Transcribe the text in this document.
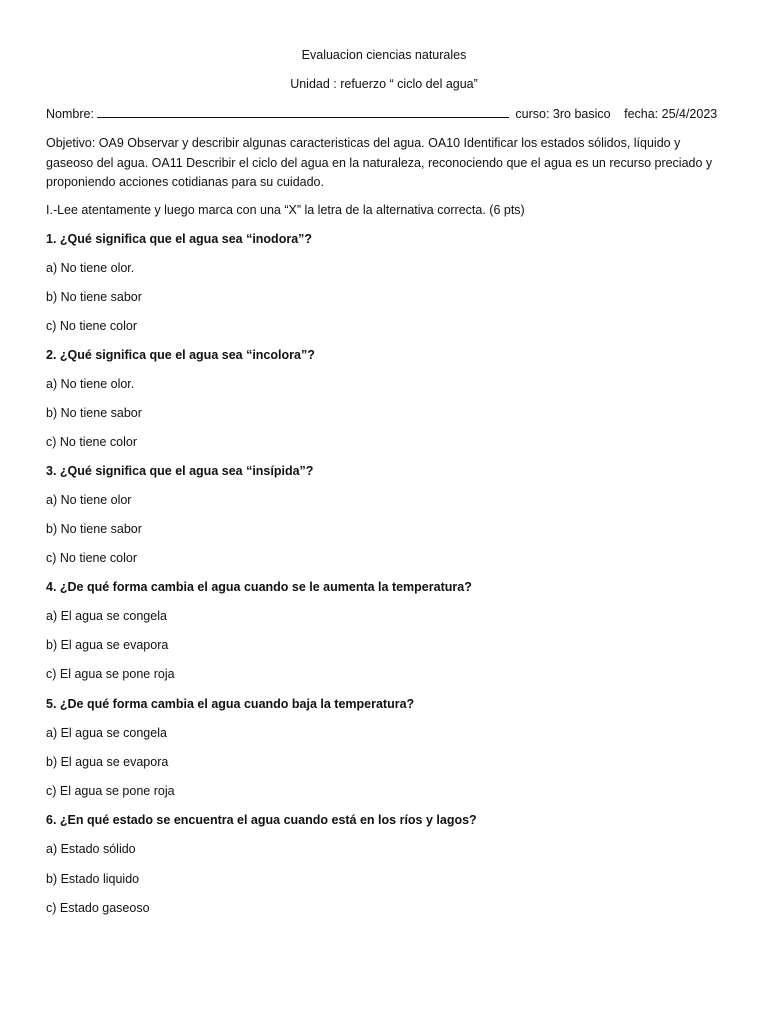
Evaluacion ciencias naturales
Unidad : refuerzo “ ciclo del agua”
Nombre:	curso: 3ro basico fecha: 25/4/2023
Objetivo: OA9 Observar y describir algunas caracteristicas del agua. OA10 Identificar los estados sólidos, líquido y gaseoso del agua. OA11 Describir el ciclo del agua en la naturaleza, reconociendo que el agua es un recurso preciado y proponiendo acciones cotidianas para su cuidado.
I.-Lee atentamente y luego marca con una “X” la letra de la alternativa correcta. (6 pts)
1. ¿Qué significa que el agua sea “inodora”?
a) No tiene olor.
b) No tiene sabor
c) No tiene color
2. ¿Qué significa que el agua sea “incolora”?
a) No tiene olor.
b) No tiene sabor
c) No tiene color
3. ¿Qué significa que el agua sea “insípida”?
a) No tiene olor
b) No tiene sabor
c) No tiene color
4. ¿De qué forma cambia el agua cuando se le aumenta la temperatura?
a) El agua se congela
b) El agua se evapora
c) El agua se pone roja
5. ¿De qué forma cambia el agua cuando baja la temperatura?
a) El agua se congela
b) El agua se evapora
c) El agua se pone roja
6. ¿En qué estado se encuentra el agua cuando está en los ríos y lagos?
a) Estado sólido
b) Estado liquido
c) Estado gaseoso
